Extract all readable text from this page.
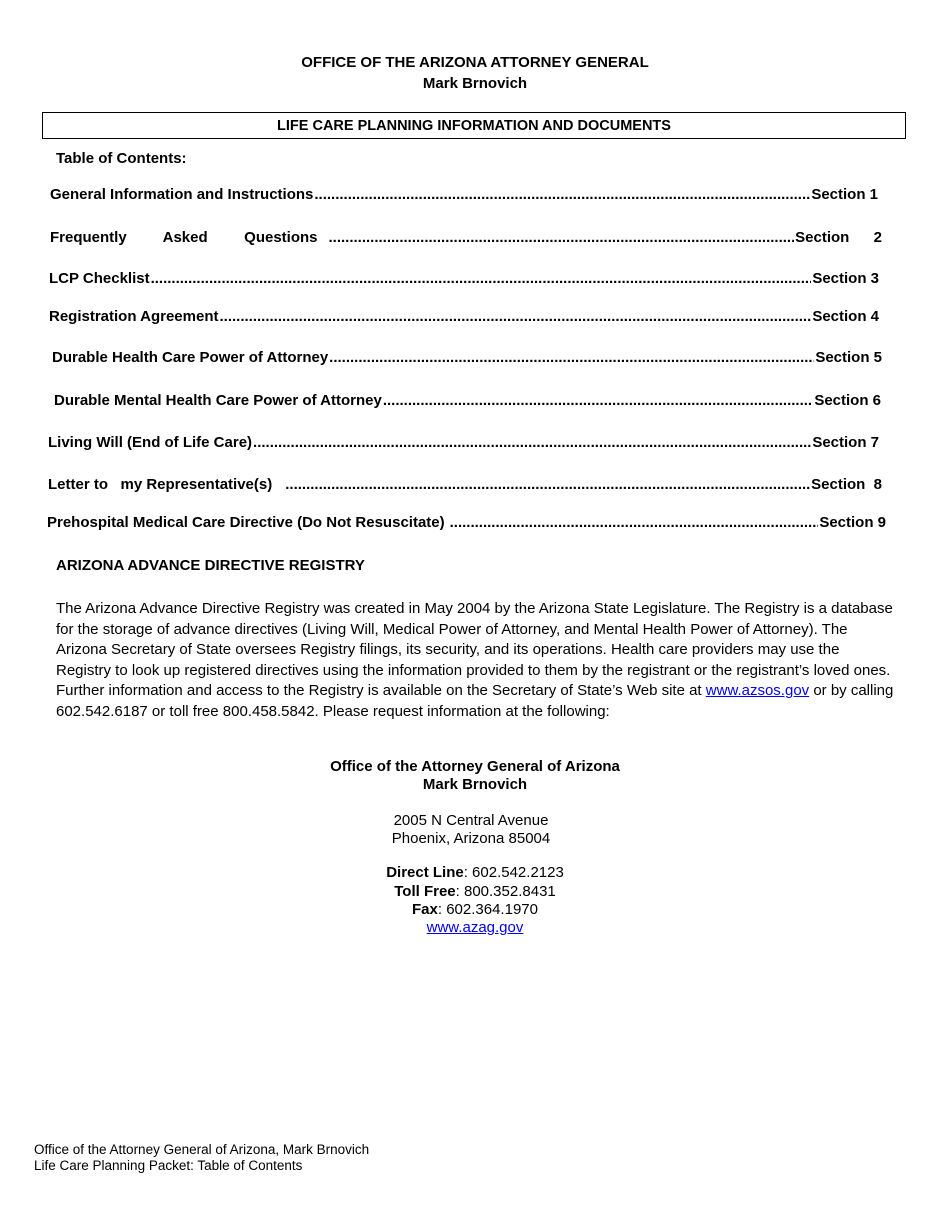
OFFICE OF THE ARIZONA ATTORNEY GENERAL
Mark Brnovich
LIFE CARE PLANNING INFORMATION AND DOCUMENTS
Table of Contents:
General Information and Instructions .....	Section 1
Frequently   Asked   Questions .....	Section  2
LCP Checklist .....	Section 3
Registration Agreement .....	Section 4
Durable Health Care Power of Attorney .....	Section 5
Durable Mental Health Care Power of Attorney .....	Section 6
Living Will (End of Life Care) .....	Section 7
Letter to   my Representative(s) .....	Section  8
Prehospital Medical Care Directive (Do Not Resuscitate) .....	Section 9
ARIZONA ADVANCE DIRECTIVE REGISTRY
The Arizona Advance Directive Registry was created in May 2004 by the Arizona State Legislature. The Registry is a database for the storage of advance directives (Living Will, Medical Power of Attorney, and Mental Health Power of Attorney). The Arizona Secretary of State oversees Registry filings, its security, and its operations. Health care providers may use the Registry to look up registered directives using the information provided to them by the registrant or the registrant’s loved ones. Further information and access to the Registry is available on the Secretary of State’s Web site at www.azsos.gov or by calling 602.542.6187 or toll free 800.458.5842. Please request information at the following:
Office of the Attorney General of Arizona
Mark Brnovich
2005 N Central Avenue
Phoenix, Arizona 85004
Direct Line: 602.542.2123
Toll Free: 800.352.8431
Fax: 602.364.1970
www.azag.gov
Office of the Attorney General of Arizona, Mark Brnovich
Life Care Planning Packet: Table of Contents
